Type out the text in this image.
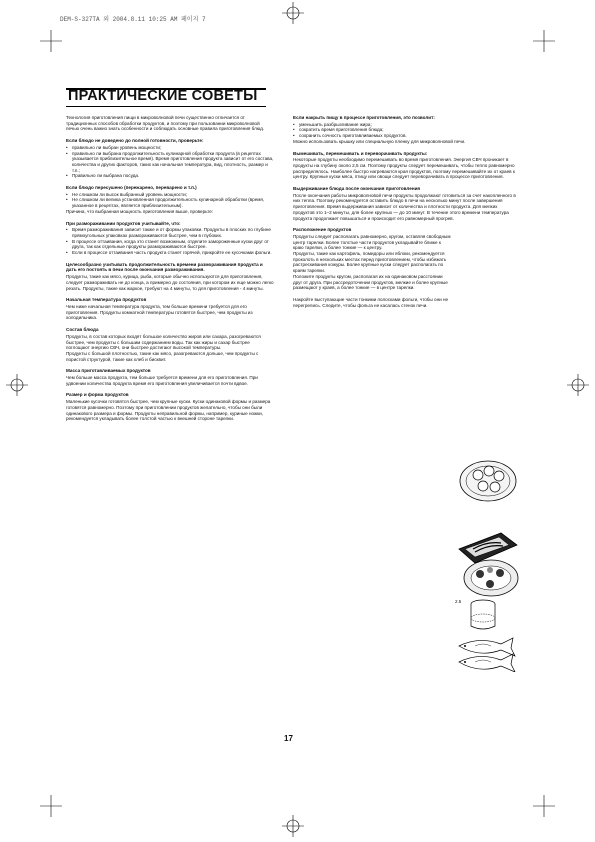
DEM-S-327TA 외 2004.8.11 10:25 AM 페이지 7
ПРАКТИЧЕСКИЕ СОВЕТЫ

Технология приготовления пищи в микроволновой печи существенно отличается от традиционных способов обработки продуктов, и поэтому при пользовании микроволновой печью очень важно знать особенности и соблюдать основные правила приготовления блюд.

Если блюдо не доведено до полной готовности, проверьте:
• правильно ли выбран уровень мощности;
• правильно ли выбрана продолжительность кулинарной обработки продукта (в рецептах указывается приблизительное время). Время приготовления продукта зависит от его состава, количества и других факторов, таких как начальная температура, вид, плотность, размер и т.п.;
• Правильно ли выбрана посуда.
Если блюдо пересушено (пережарено, переварено и т.п.)
• Не слишком ли высок выбранный уровень мощности;
• Не слишком ли велика установленная продолжительность кулинарной обработки (время, указанное в рецептах, является приблизительным).

Причина, что выбранная мощность приготовления выше, проверьте:

При размораживании продуктов учитывайте, что:
• Время размораживания зависит также и от формы упаковки. Продукты в плоских по глубине прямоугольных упаковках размораживаются быстрее, чем в глубоких.
• В процессе оттаивания, когда это станет возможным, отделите замороженные куски друг от друга, так как отдельные продукты размораживаются быстрее.
• Если в процессе оттаивания часть продукта станет горячей, прикройте ее кусочками фольги.
Целесообразно учитывать продолжительность времени размораживания продукта и дать его постоять в печи после окончания размораживания.

Продукты, такие как мясо, курица, рыба, которые обычно используются для приготовления, следует размораживать не до конца, а примерно до состояния, при котором их еще можно легко резать. Продукты, такие как жаркое, требуют на 4 минуты, то для приготовления - 4 минуты.

Начальная температура продуктов

Чем ниже начальная температура продукта, тем больше времени требуется для его приготовления. Продукты комнатной температуры готовятся быстрее, чем продукты из холодильника.

Состав блюда

Продукты, в состав которых входят большое количество жиров или сахара, разогреваются быстрее, чем продукты с большим содержанием воды. Так как жиры и сахар быстрее поглощают энергию СВЧ, они быстрее достигают высокой температуры.

Продукты с большой плотностью, такие как мясо, разогреваются дольше, чем продукты с пористой структурой, такие как хлеб и бисквит.

Масса приготавливаемых продуктов

Чем больше масса продукта, тем больше требуется времени для его приготовления. При удвоении количества продукта время его приготовления увеличивается почти вдвое.

Размер и форма продуктов

Маленькие кусочки готовятся быстрее, чем крупные куски. Куски одинаковой формы и размера готовятся равномерно. Поэтому при приготовлении продуктов желательно, чтобы они были одинакового размера и формы. Продукты неправильной формы, например, куриные ножки, рекомендуется укладывать более толстой частью к внешней стороне тарелки.

Если накрыть пищу в процессе приготовления, это позволит:
• уменьшить разбрызгивание жира;
• сократить время приготовления блюда;
• сохранить сочность приготавливаемых продуктов.

Можно использовать крышку или специальную пленку для микроволновой печи.

Вымешивать, перемешивать и переворачивать продукты:

Некоторые продукты необходимо перемешивать во время приготовления. Энергия СВЧ проникает в продукты на глубину около 2,5 см. Поэтому продукты следует перемешивать, чтобы тепло равномерно распределялось. Наиболее быстро нагреваются края продуктов, поэтому перемешивайте их от краев к центру. Крупные куски мяса, птицу или овощи следует переворачивать в процессе приготовления.

Выдерживание блюда после окончания приготовления

После окончания работы микроволновой печи продукты продолжают готовиться за счет накопленного в них тепла. Поэтому рекомендуется оставить блюдо в печи на несколько минут после завершения приготовления. Время выдерживания зависит от количества и плотности продукта. Для мелких продуктов это 1–2 минуты, для более крупных — до 10 минут. В течение этого времени температура продукта продолжает повышаться и происходит его равномерный прогрев.

Расположение продуктов

Продукты следует располагать равномерно, кругом, оставляя свободным центр тарелки. Более толстые части продуктов укладывайте ближе к краю тарелки, а более тонкие — к центру.

Продукты, такие как картофель, помидоры или яблоки, рекомендуется проколоть в нескольких местах перед приготовлением, чтобы избежать растрескивания кожуры. Более крупные куски следует располагать по краям тарелки.

Положите продукты кругом, располагая их на одинаковом расстоянии друг от друга. При рассредоточении продуктов, мелкие и более крупные размещают у краев, а более тонкие — в центре тарелки.

Накройте выступающие части тонкими полосками фольги, чтобы они не перегрелись. Следите, чтобы фольга не касалась стенок печи.

2.5
17
